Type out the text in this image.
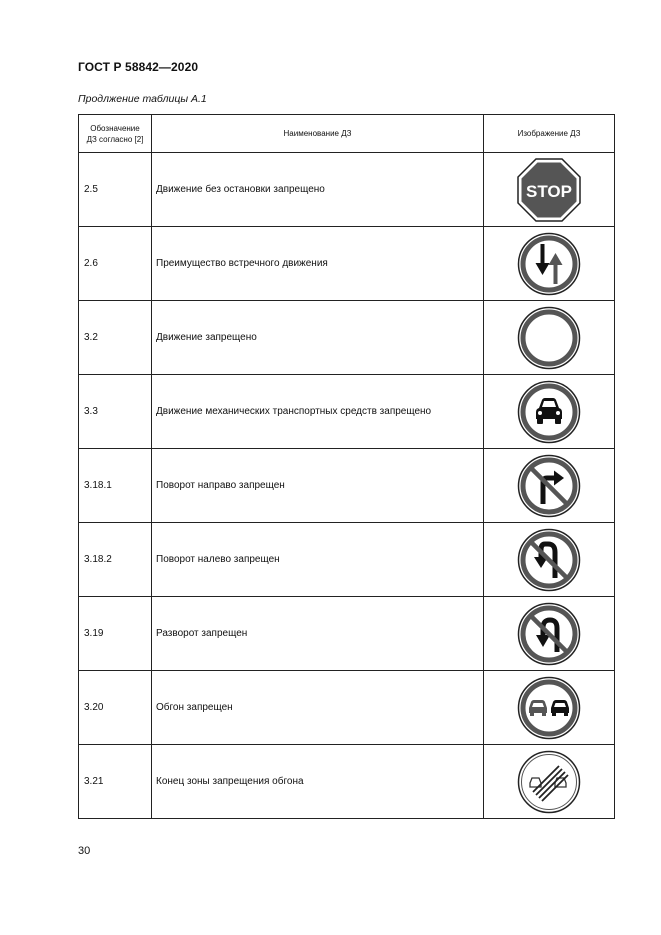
ГОСТ Р 58842—2020
Продлжение таблицы А.1
Обозначение
ДЗ согласно [2]	Наименование ДЗ	Изображение ДЗ
2.5	Движение без остановки запрещено	STOP

2.6	Преимущество встречного движения	

3.2	Движение запрещено	

3.3	Движение механических транспортных средств запрещено	

3.18.1	Поворот направо запрещен	

3.18.2	Поворот налево запрещен	

3.19	Разворот запрещен	

3.20	Обгон запрещен	

3.21	Конец зоны запрещения обгона	
30
